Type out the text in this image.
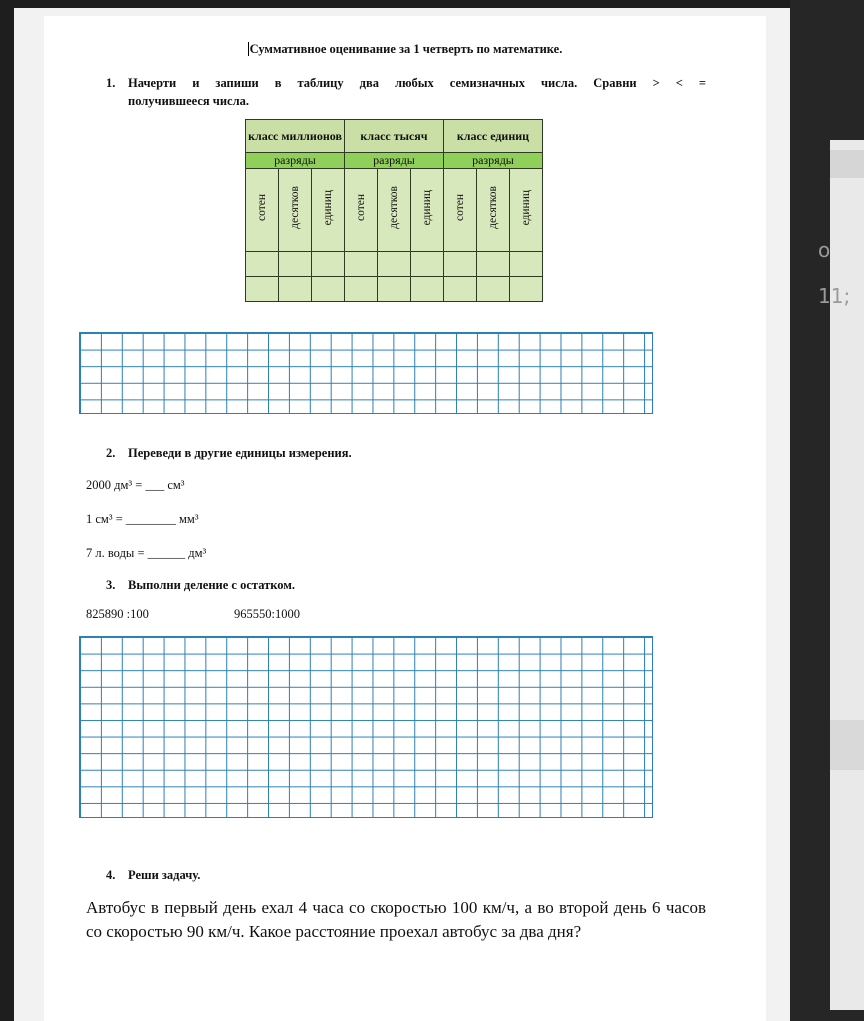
о
11;
Суммативное оценивание за 1 четверть по математике.
1. Начерти и запиши в таблицу два любых семизначных числа. Сравни > < =
получившееся числа.
класс миллионов			класс тысяч			класс единиц		
разряды			разряды			разряды		
сотен	десятков	единиц	сотен	десятков	единиц	сотен	десятков	единиц

2. Переведи в другие единицы измерения.
2000 дм³ = ___ см³
1 см³ = ________ мм³
7 л. воды = ______ дм³
3. Выполни деление с остатком.
825890 :100	965550:1000
4. Реши задачу.
Автобус в первый день ехал 4 часа со скоростью 100 км/ч, а во второй день 6 часов со скоростью 90 км/ч. Какое расстояние проехал автобус за два дня?
